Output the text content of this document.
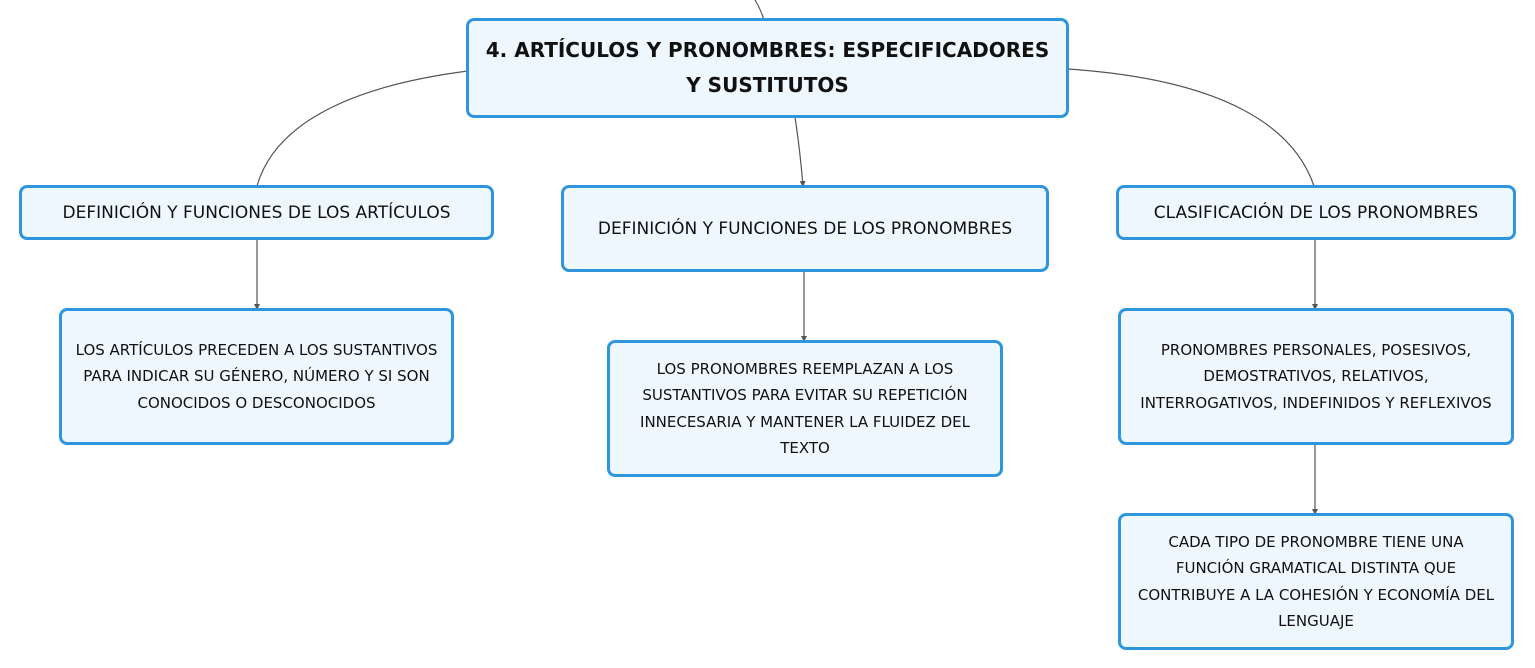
4. ARTÍCULOS Y PRONOMBRES: ESPECIFICADORES Y SUSTITUTOS
DEFINICIÓN Y FUNCIONES DE LOS ARTÍCULOS
DEFINICIÓN Y FUNCIONES DE LOS PRONOMBRES
CLASIFICACIÓN DE LOS PRONOMBRES
LOS ARTÍCULOS PRECEDEN A LOS SUSTANTIVOS PARA INDICAR SU GÉNERO, NÚMERO Y SI SON CONOCIDOS O DESCONOCIDOS
LOS PRONOMBRES REEMPLAZAN A LOS SUSTANTIVOS PARA EVITAR SU REPETICIÓN INNECESARIA Y MANTENER LA FLUIDEZ DEL TEXTO
PRONOMBRES PERSONALES, POSESIVOS, DEMOSTRATIVOS, RELATIVOS, INTERROGATIVOS, INDEFINIDOS Y REFLEXIVOS
CADA TIPO DE PRONOMBRE TIENE UNA FUNCIÓN GRAMATICAL DISTINTA QUE CONTRIBUYE A LA COHESIÓN Y ECONOMÍA DEL LENGUAJE
